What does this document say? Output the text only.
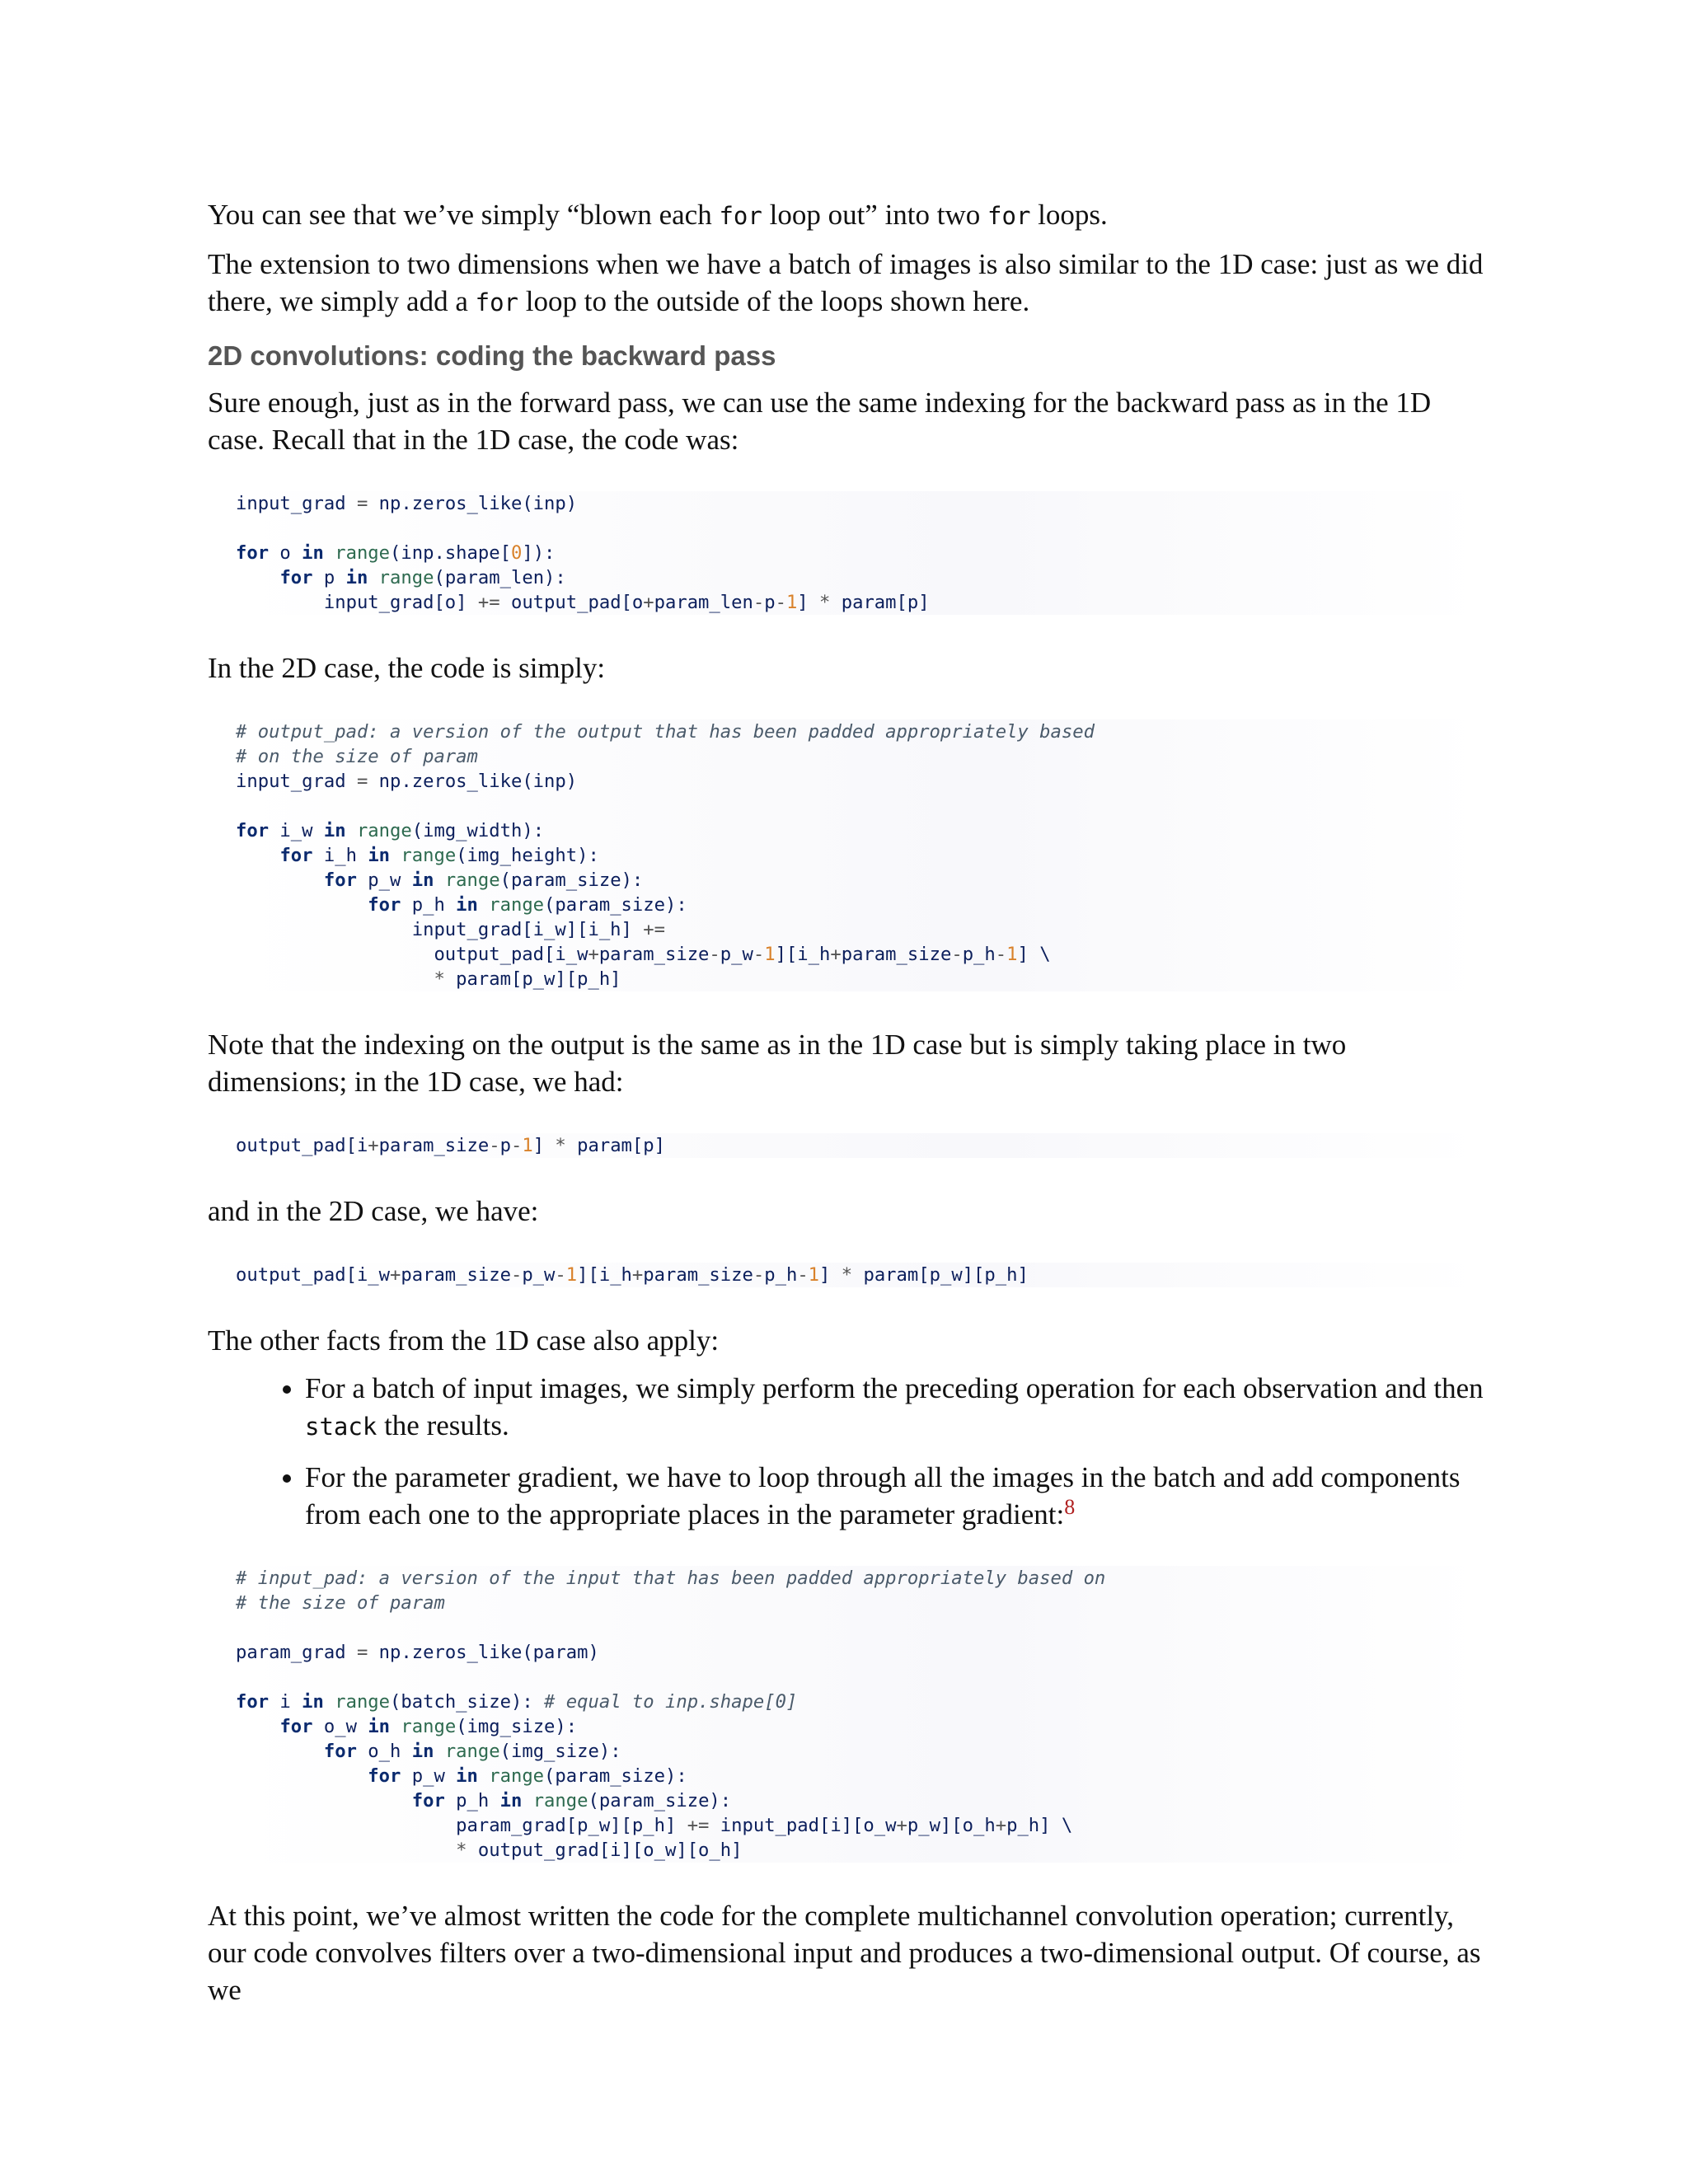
You can see that we’ve simply “blown each for loop out” into two for loops.

The extension to two dimensions when we have a batch of images is also similar to the 1D case: just as we did there, we simply add a for loop to the outside of the loops shown here.

2D convolutions: coding the backward pass

Sure enough, just as in the forward pass, we can use the same indexing for the backward pass as in the 1D case. Recall that in the 1D case, the code was:

input_grad = np.zeros_like(inp)

for o in range(inp.shape[0]):
for p in range(param_len):
input_grad[o] += output_pad[o+param_len-p-1] * param[p]

In the 2D case, the code is simply:

# output_pad: a version of the output that has been padded appropriately based
# on the size of param
input_grad = np.zeros_like(inp)

for i_w in range(img_width):
for i_h in range(img_height):
for p_w in range(param_size):
for p_h in range(param_size):
input_grad[i_w][i_h] +=
output_pad[i_w+param_size-p_w-1][i_h+param_size-p_h-1] \
* param[p_w][p_h]

Note that the indexing on the output is the same as in the 1D case but is simply taking place in two dimensions; in the 1D case, we had:

output_pad[i+param_size-p-1] * param[p]

and in the 2D case, we have:

output_pad[i_w+param_size-p_w-1][i_h+param_size-p_h-1] * param[p_w][p_h]

The other facts from the 1D case also apply:

• For a batch of input images, we simply perform the preceding operation for each observation and then stack the results.
• For the parameter gradient, we have to loop through all the images in the batch and add components from each one to the appropriate places in the parameter gradient:$^8$
# input_pad: a version of the input that has been padded appropriately based on
# the size of param

param_grad = np.zeros_like(param)

for i in range(batch_size): # equal to inp.shape[0]
for o_w in range(img_size):
for o_h in range(img_size):
for p_w in range(param_size):
for p_h in range(param_size):
param_grad[p_w][p_h] += input_pad[i][o_w+p_w][o_h+p_h] \
* output_grad[i][o_w][o_h]

At this point, we’ve almost written the code for the complete multichannel convolution operation; currently, our code convolves filters over a two-dimensional input and produces a two-dimensional output. Of course, as we
